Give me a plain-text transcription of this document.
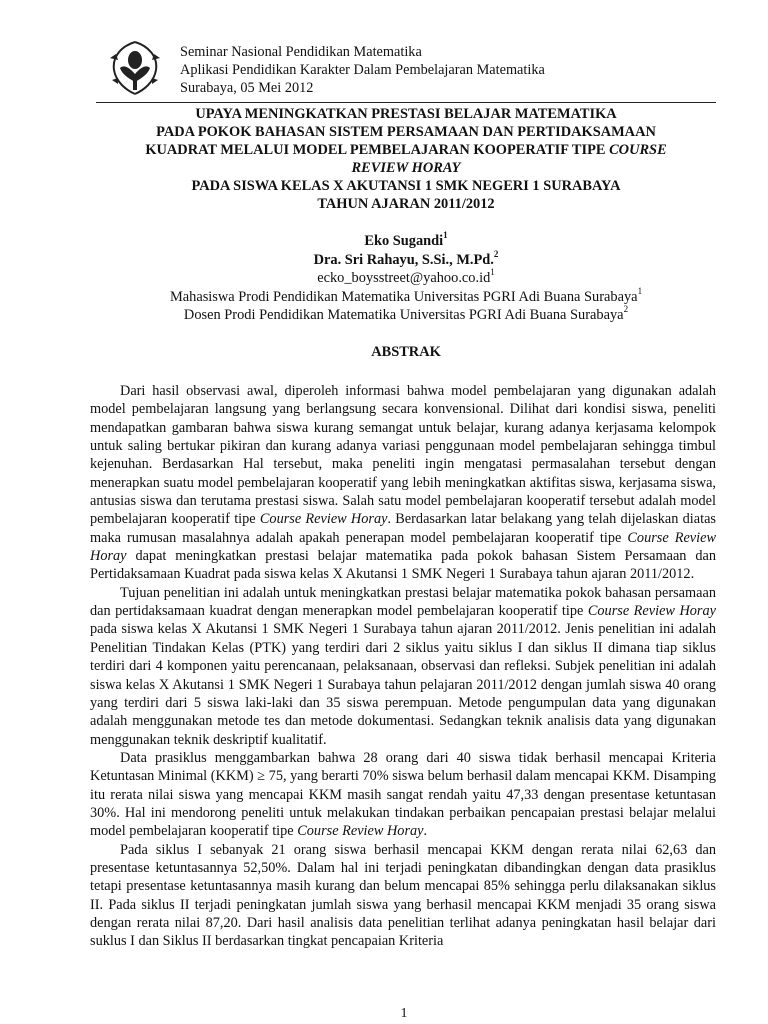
Seminar Nasional Pendidikan Matematika
Aplikasi Pendidikan Karakter Dalam Pembelajaran Matematika
Surabaya, 05 Mei 2012
UPAYA MENINGKATKAN PRESTASI BELAJAR MATEMATIKA
PADA POKOK BAHASAN SISTEM PERSAMAAN DAN PERTIDAKSAMAAN
KUADRAT MELALUI MODEL PEMBELAJARAN KOOPERATIF TIPE COURSE
REVIEW HORAY
PADA SISWA KELAS X AKUTANSI 1 SMK NEGERI 1 SURABAYA
TAHUN AJARAN 2011/2012
Eko Sugandi$^1$
Dra. Sri Rahayu, S.Si., M.Pd.$^2$
$ecko\_boysstreet@yahoo.co.id^1$
Mahasiswa Prodi Pendidikan Matematika Universitas PGRI Adi Buana Surabaya$^1$
Dosen Prodi Pendidikan Matematika Universitas PGRI Adi Buana Surabaya$^2$
ABSTRAK

Dari hasil observasi awal, diperoleh informasi bahwa model pembelajaran yang digunakan adalah model pembelajaran langsung yang berlangsung secara konvensional. Dilihat dari kondisi siswa, peneliti mendapatkan gambaran bahwa siswa kurang semangat untuk belajar, kurang adanya kerjasama kelompok untuk saling bertukar pikiran dan kurang adanya variasi penggunaan model pembelajaran sehingga timbul kejenuhan. Berdasarkan Hal tersebut, maka peneliti ingin mengatasi permasalahan tersebut dengan menerapkan suatu model pembelajaran kooperatif yang lebih meningkatkan aktifitas siswa, kerjasama siswa, antusias siswa dan terutama prestasi siswa. Salah satu model pembelajaran kooperatif tersebut adalah model pembelajaran kooperatif tipe Course Review Horay. Berdasarkan latar belakang yang telah dijelaskan diatas maka rumusan masalahnya adalah apakah penerapan model pembelajaran kooperatif tipe Course Review Horay dapat meningkatkan prestasi belajar matematika pada pokok bahasan Sistem Persamaan dan Pertidaksamaan Kuadrat pada siswa kelas X Akutansi 1 SMK Negeri 1 Surabaya tahun ajaran 2011/2012.

Tujuan penelitian ini adalah untuk meningkatkan prestasi belajar matematika pokok bahasan persamaan dan pertidaksamaan kuadrat dengan menerapkan model pembelajaran kooperatif tipe Course Review Horay pada siswa kelas X Akutansi 1 SMK Negeri 1 Surabaya tahun ajaran 2011/2012. Jenis penelitian ini adalah Penelitian Tindakan Kelas (PTK) yang terdiri dari 2 siklus yaitu siklus I dan siklus II dimana tiap siklus terdiri dari 4 komponen yaitu perencanaan, pelaksanaan, observasi dan refleksi. Subjek penelitian ini adalah siswa kelas X Akutansi 1 SMK Negeri 1 Surabaya tahun pelajaran 2011/2012 dengan jumlah siswa 40 orang yang terdiri dari 5 siswa laki-laki dan 35 siswa perempuan. Metode pengumpulan data yang digunakan adalah menggunakan metode tes dan metode dokumentasi. Sedangkan teknik analisis data yang digunakan menggunakan teknik deskriptif kualitatif.

Data prasiklus menggambarkan bahwa 28 orang dari 40 siswa tidak berhasil mencapai Kriteria Ketuntasan Minimal (KKM) ≥ 75, yang berarti 70% siswa belum berhasil dalam mencapai KKM. Disamping itu rerata nilai siswa yang mencapai KKM masih sangat rendah yaitu 47,33 dengan presentase ketuntasan 30%. Hal ini mendorong peneliti untuk melakukan tindakan perbaikan pencapaian prestasi belajar melalui model pembelajaran kooperatif tipe Course Review Horay.

Pada siklus I sebanyak 21 orang siswa berhasil mencapai KKM dengan rerata nilai 62,63 dan presentase ketuntasannya 52,50%. Dalam hal ini terjadi peningkatan dibandingkan dengan data prasiklus tetapi presentase ketuntasannya masih kurang dan belum mencapai 85% sehingga perlu dilaksanakan siklus II. Pada siklus II terjadi peningkatan jumlah siswa yang berhasil mencapai KKM menjadi 35 orang siswa dengan rerata nilai 87,20. Dari hasil analisis data penelitian terlihat adanya peningkatan hasil belajar dari suklus I dan Siklus II berdasarkan tingkat pencapaian Kriteria

1
